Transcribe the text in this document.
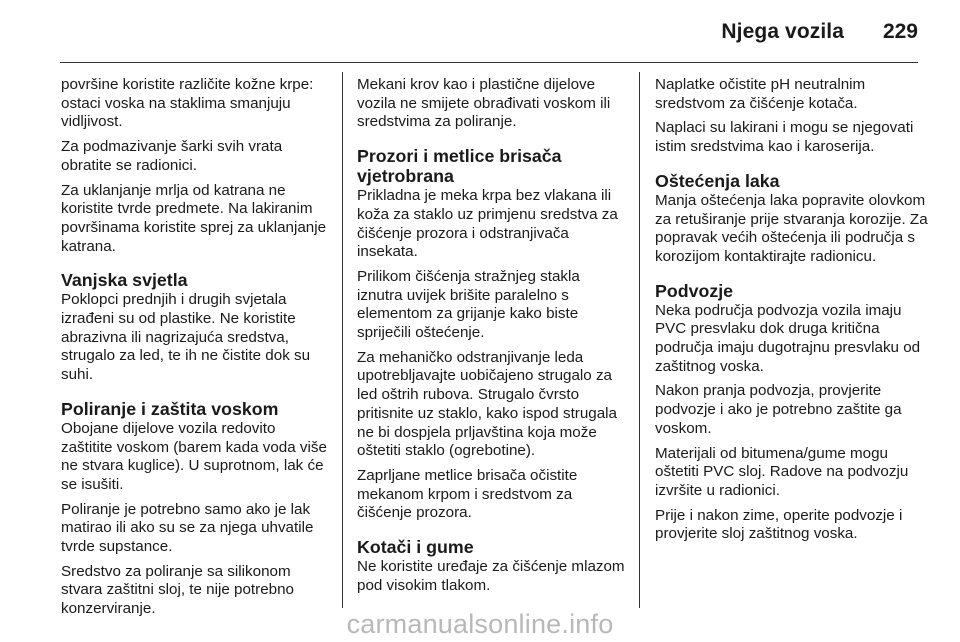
Njega vozila 229

površine koristite različite kožne krpe: ostaci voska na staklima smanjuju vidljivost.

Za podmazivanje šarki svih vrata obratite se radionici.

Za uklanjanje mrlja od katrana ne koristite tvrde predmete. Na lakiranim površinama koristite sprej za uklanjanje katrana.

Vanjska svjetla

Poklopci prednjih i drugih svjetala izrađeni su od plastike. Ne koristite abrazivna ili nagrizajuća sredstva, strugalo za led, te ih ne čistite dok su suhi.

Poliranje i zaštita voskom

Obojane dijelove vozila redovito zaštitite voskom (barem kada voda više ne stvara kuglice). U suprotnom, lak će se isušiti.

Poliranje je potrebno samo ako je lak matirao ili ako su se za njega uhvatile tvrde supstance.

Sredstvo za poliranje sa silikonom stvara zaštitni sloj, te nije potrebno konzerviranje.

Mekani krov kao i plastične dijelove vozila ne smijete obrađivati voskom ili sredstvima za poliranje.

Prozori i metlice brisača vjetrobrana

Prikladna je meka krpa bez vlakana ili koža za staklo uz primjenu sredstva za čišćenje prozora i odstranjivača insekata.

Prilikom čišćenja stražnjeg stakla iznutra uvijek brišite paralelno s elementom za grijanje kako biste spriječili oštećenje.

Za mehaničko odstranjivanje leda upotrebljavajte uobičajeno strugalo za led oštrih rubova. Strugalo čvrsto pritisnite uz staklo, kako ispod strugala ne bi dospjela prljavština koja može oštetiti staklo (ogrebotine).

Zaprljane metlice brisača očistite mekanom krpom i sredstvom za čišćenje prozora.

Kotači i gume

Ne koristite uređaje za čišćenje mlazom pod visokim tlakom.

Naplatke očistite pH neutralnim sredstvom za čišćenje kotača.

Naplaci su lakirani i mogu se njegovati istim sredstvima kao i karoserija.

Oštećenja laka

Manja oštećenja laka popravite olovkom za retuširanje prije stvaranja korozije. Za popravak većih oštećenja ili područja s korozijom kontaktirajte radionicu.

Podvozje

Neka područja podvozja vozila imaju PVC presvlaku dok druga kritična područja imaju dugotrajnu presvlaku od zaštitnog voska.

Nakon pranja podvozja, provjerite podvozje i ako je potrebno zaštite ga voskom.

Materijali od bitumena/gume mogu oštetiti PVC sloj. Radove na podvozju izvršite u radionici.

Prije i nakon zime, operite podvozje i provjerite sloj zaštitnog voska.

carmanualsonline.info
